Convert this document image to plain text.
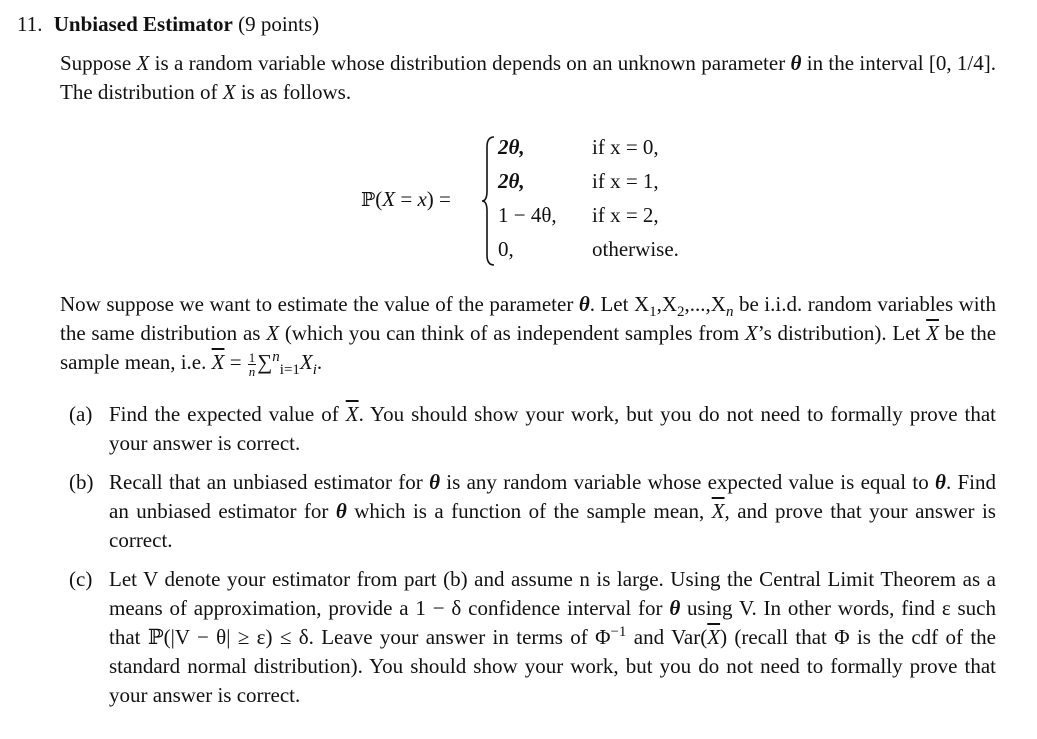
11. Unbiased Estimator (9 points)
Suppose X is a random variable whose distribution depends on an unknown parameter θ in the interval [0, 1/4]. The distribution of X is as follows.
ℙ(X = x) =
2θ,	if x = 0,
2θ,	if x = 1,
1 − 4θ,	if x = 2,
0,	otherwise.
Now suppose we want to estimate the value of the parameter θ. Let $X_1,X_2,...,X_n$ be i.i.d. random variables with the same distribution as X (which you can think of as independent samples from X’s distribution). Let $\overline{X}$ be the sample mean, i.e. $\overline{X} = \frac{1}{n}\sum^n_{i=1}X_i$.
(a) Find the expected value of $\overline{X}$. You should show your work, but you do not need to formally prove that your answer is correct.
(b) Recall that an unbiased estimator for θ is any random variable whose expected value is equal to θ. Find an unbiased estimator for θ which is a function of the sample mean, $\overline{X}$, and prove that your answer is correct.
(c) Let V denote your estimator from part (b) and assume n is large. Using the Central Limit Theorem as a means of approximation, provide a 1 − δ confidence interval for θ using V. In other words, find ε such that ℙ(|V − θ| ≥ ε) ≤ δ. Leave your answer in terms of $\Phi^{-1}$ and $Var(\overline{X})$ (recall that Φ is the cdf of the standard normal distribution). You should show your work, but you do not need to formally prove that your answer is correct.
